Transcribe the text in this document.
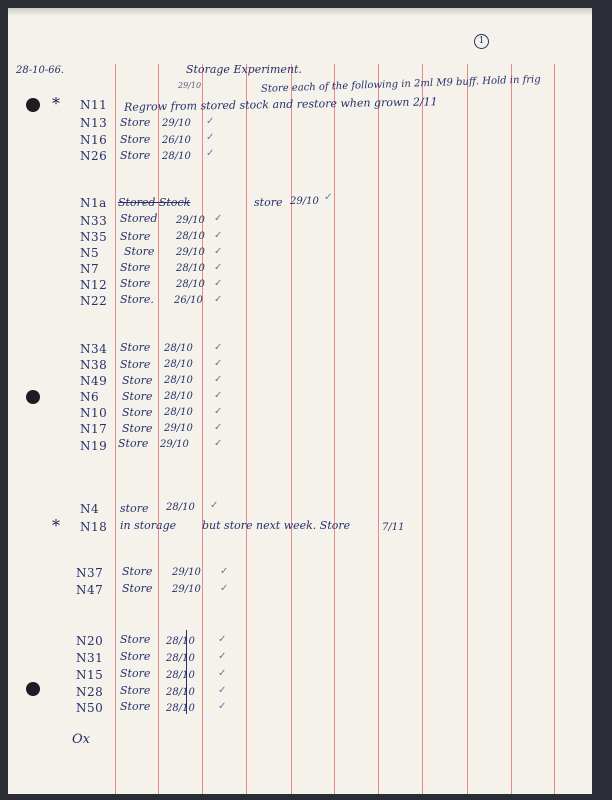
1
28-10-66.	Storage Experiment.
29/10	Store each of the following in 2ml M9 buff. Hold in frig
* N11 Regrow from stored stock and restore when grown 2/11
N13 Store 29/10 ✓
N16 Store 26/10 ✓
N26 Store 28/10 ✓
N1a Stored Stock	store 29/10 ✓
N33 Stored 29/10 ✓
N35 Store	28/10 ✓
N5 Store 29/10 ✓
N7 Store	28/10 ✓
N12 Store	28/10 ✓
N22 Store. 26/10 ✓
N34 Store 28/10 ✓
N38 Store 28/10 ✓
N49 Store 28/10 ✓
N6 Store 28/10 ✓
N10 Store 28/10 ✓
N17 Store 29/10 ✓
N19 Store 29/10	✓
N4 store 28/10 ✓
* N18 in storage but store next week. Store	7/11
N37 Store 29/10 ✓
N47 Store 29/10 ✓
N20 Store 28/10 ✓
N31 Store 28/10 ✓
N15 Store 28/10 ✓
N28 Store 28/10 ✓
N50 Store 28/10 ✓
Ox
